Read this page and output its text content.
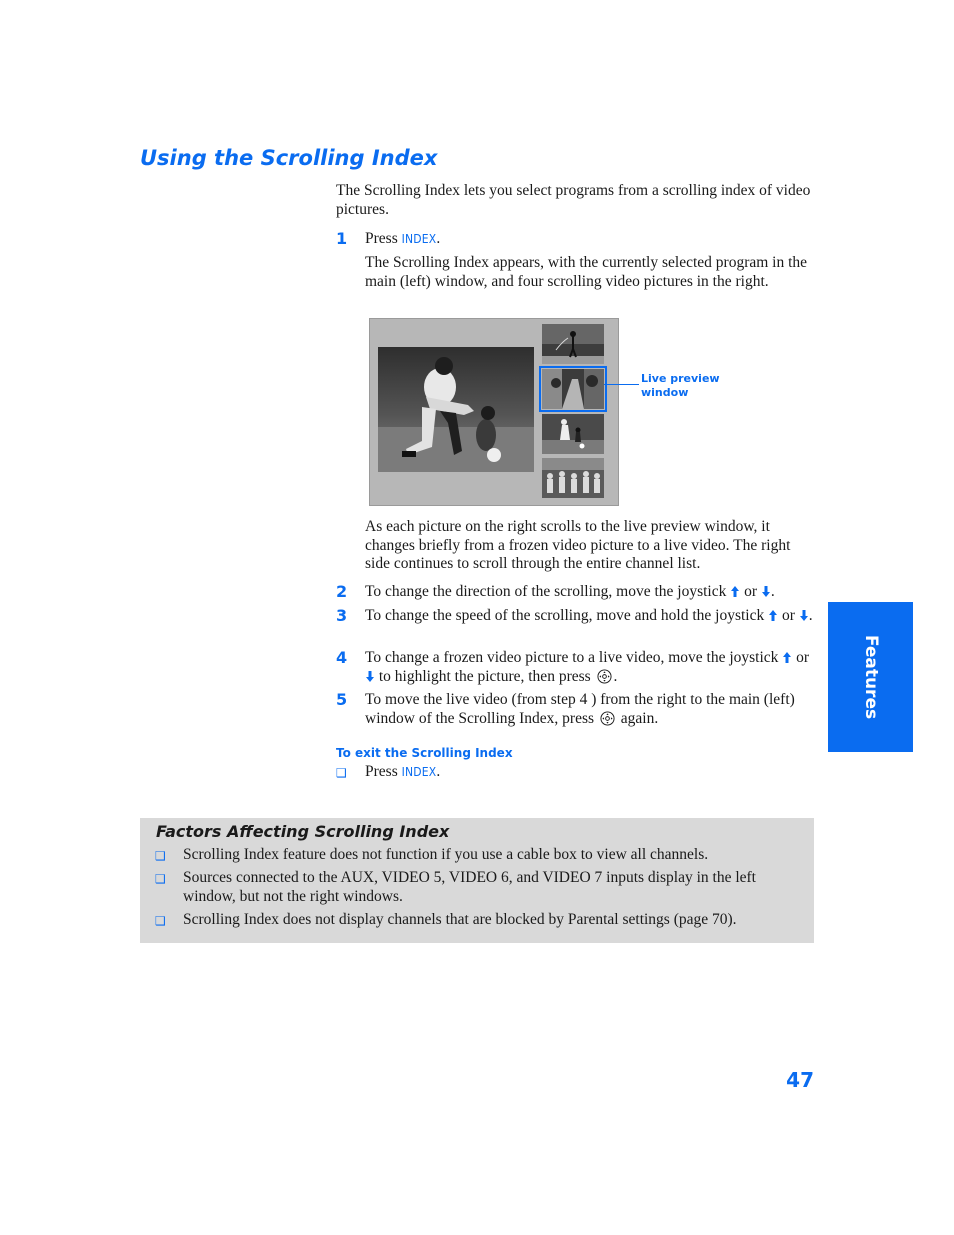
Using the Scrolling Index

The Scrolling Index lets you select programs from a scrolling index of video pictures.

1 Press INDEX.

The Scrolling Index appears, with the currently selected program in the main (left) window, and four scrolling video pictures in the right.

Live preview window

As each picture on the right scrolls to the live preview window, it changes briefly from a frozen video picture to a live video. The right side continues to scroll through the entire channel list.

2 To change the direction of the scrolling, move the joystick or .

3 To change the speed of the scrolling, move and hold the joystick or .

4 To change a frozen video picture to a live video, move the joystick or  to highlight the picture, then press .

5 To move the live video (from step 4 ) from the right to the main (left) window of the Scrolling Index, press again.

To exit the Scrolling Index
❑ Press INDEX.

Factors Affecting Scrolling Index
❑ Scrolling Index feature does not function if you use a cable box to view all channels.

❑ Sources connected to the AUX, VIDEO 5, VIDEO 6, and VIDEO 7 inputs display in the left window, but not the right windows.

❑ Scrolling Index does not display channels that are blocked by Parental settings (page 70).

Features
47
